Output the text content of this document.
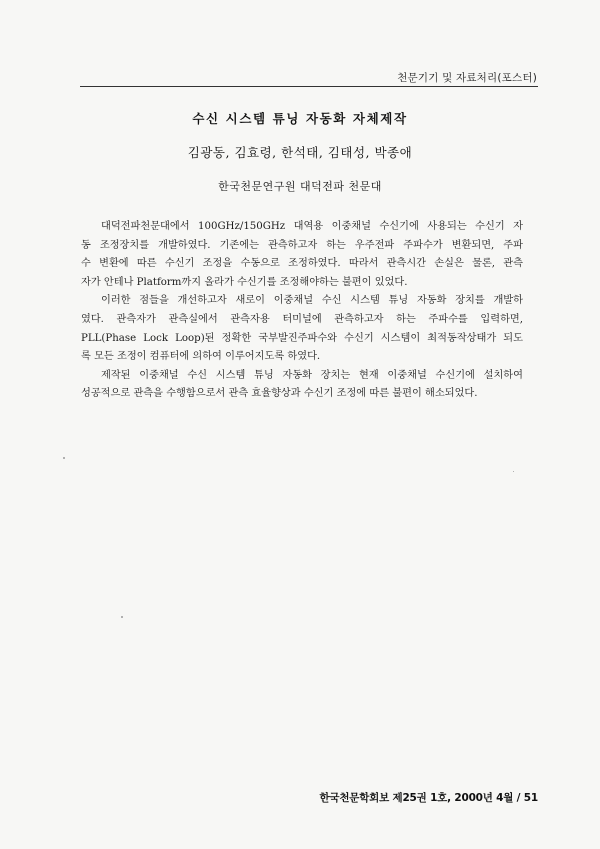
천문기기 및 자료처리(포스터)
수신 시스템 튜닝 자동화 자체제작
김광동, 김효령, 한석태, 김태성, 박종애
한국천문연구원 대덕전파 천문대
대덕전파천문대에서 100GHz/150GHz 대역용 이중채널 수신기에 사용되는 수신기 자
동 조정장치를 개발하였다. 기존에는 관측하고자 하는 우주전파 주파수가 변환되면, 주파
수 변환에 따른 수신기 조정을 수동으로 조정하였다. 따라서 관측시간 손실은 물론, 관측
자가 안테나 Platform까지 올라가 수신기를 조정해야하는 불편이 있었다.
이러한 점들을 개선하고자 새로이 이중채널 수신 시스템 튜닝 자동화 장치를 개발하
였다. 관측자가 관측실에서 관측자용 터미널에 관측하고자 하는 주파수를 입력하면,
PLL(Phase Lock Loop)된 정확한 국부발진주파수와 수신기 시스템이 최적동작상태가 되도
록 모든 조정이 컴퓨터에 의하여 이루어지도록 하였다.
제작된 이중채널 수신 시스템 튜닝 자동화 장치는 현재 이중채널 수신기에 설치하여
성공적으로 관측을 수행함으로서 관측 효율향상과 수신기 조정에 따른 불편이 해소되었다.
한국천문학회보 제25권 1호, 2000년 4월 / 51
